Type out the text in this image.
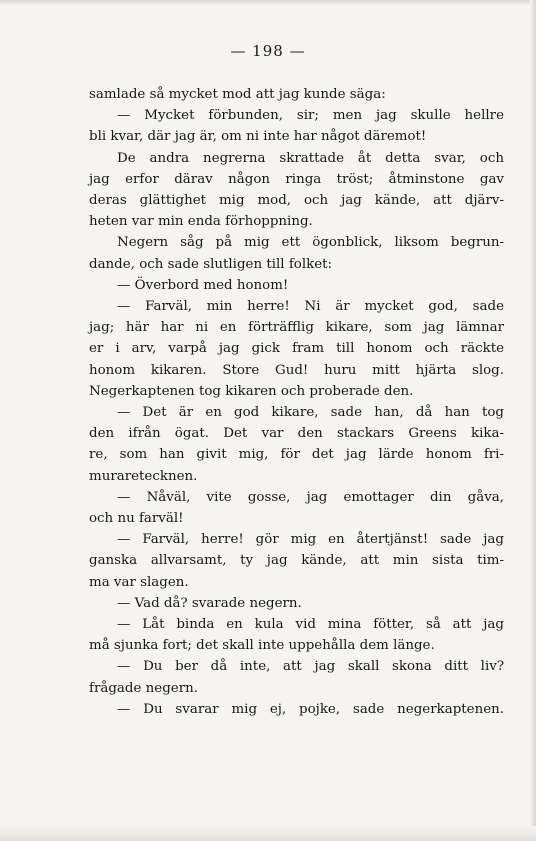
— 198 —
samlade så mycket mod att jag kunde säga:
— Mycket förbunden, sir; men jag skulle hellre
bli kvar, där jag är, om ni inte har något däremot!
De andra negrerna skrattade åt detta svar, och
jag erfor därav någon ringa tröst; åtminstone gav
deras glättighet mig mod, och jag kände, att djärv-
heten var min enda förhoppning.
Negern såg på mig ett ögonblick, liksom begrun-
dande, och sade slutligen till folket:
— Överbord med honom!
— Farväl, min herre! Ni är mycket god, sade
jag; här har ni en förträfflig kikare, som jag lämnar
er i arv, varpå jag gick fram till honom och räckte
honom kikaren. Store Gud! huru mitt hjärta slog.
Negerkaptenen tog kikaren och proberade den.
— Det är en god kikare, sade han, då han tog
den ifrån ögat. Det var den stackars Greens kika-
re, som han givit mig, för det jag lärde honom fri-
muraretecknen.
— Nåväl, vite gosse, jag emottager din gåva,
och nu farväl!
— Farväl, herre! gör mig en återtjänst! sade jag
ganska allvarsamt, ty jag kände, att min sista tim-
ma var slagen.
— Vad då? svarade negern.
— Låt binda en kula vid mina fötter, så att jag
må sjunka fort; det skall inte uppehålla dem länge.
— Du ber då inte, att jag skall skona ditt liv?
frågade negern.
— Du svarar mig ej, pojke, sade negerkaptenen.
